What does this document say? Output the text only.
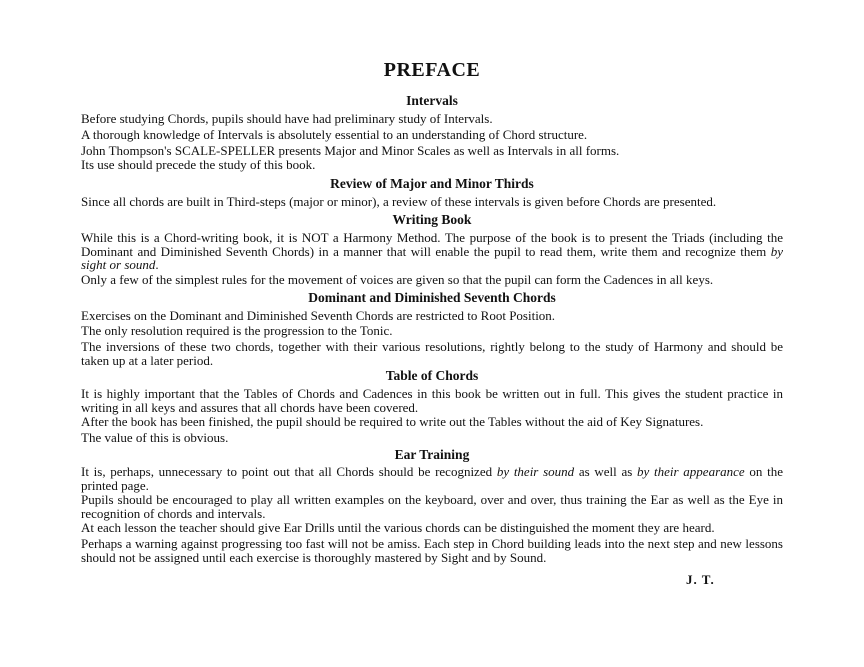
PREFACE
Intervals
Before studying Chords, pupils should have had preliminary study of Intervals.
A thorough knowledge of Intervals is absolutely essential to an understanding of Chord structure.
John Thompson's SCALE-SPELLER presents Major and Minor Scales as well as Intervals in all forms.
Its use should precede the study of this book.
Review of Major and Minor Thirds
Since all chords are built in Third-steps (major or minor), a review of these intervals is given before Chords are presented.
Writing Book
While this is a Chord-writing book, it is NOT a Harmony Method. The purpose of the book is to present the Triads (including the Dominant and Diminished Seventh Chords) in a manner that will enable the pupil to read them, write them and recognize them by sight or sound.
Only a few of the simplest rules for the movement of voices are given so that the pupil can form the Cadences in all keys.
Dominant and Diminished Seventh Chords
Exercises on the Dominant and Diminished Seventh Chords are restricted to Root Position.
The only resolution required is the progression to the Tonic.
The inversions of these two chords, together with their various resolutions, rightly belong to the study of Harmony and should be taken up at a later period.
Table of Chords
It is highly important that the Tables of Chords and Cadences in this book be written out in full. This gives the student practice in writing in all keys and assures that all chords have been covered.
After the book has been finished, the pupil should be required to write out the Tables without the aid of Key Signatures.
The value of this is obvious.
Ear Training
It is, perhaps, unnecessary to point out that all Chords should be recognized by their sound as well as by their appearance on the printed page.
Pupils should be encouraged to play all written examples on the keyboard, over and over, thus training the Ear as well as the Eye in recognition of chords and intervals.
At each lesson the teacher should give Ear Drills until the various chords can be distinguished the moment they are heard.
Perhaps a warning against progressing too fast will not be amiss. Each step in Chord building leads into the next step and new lessons should not be assigned until each exercise is thoroughly mastered by Sight and by Sound.
J. T.
